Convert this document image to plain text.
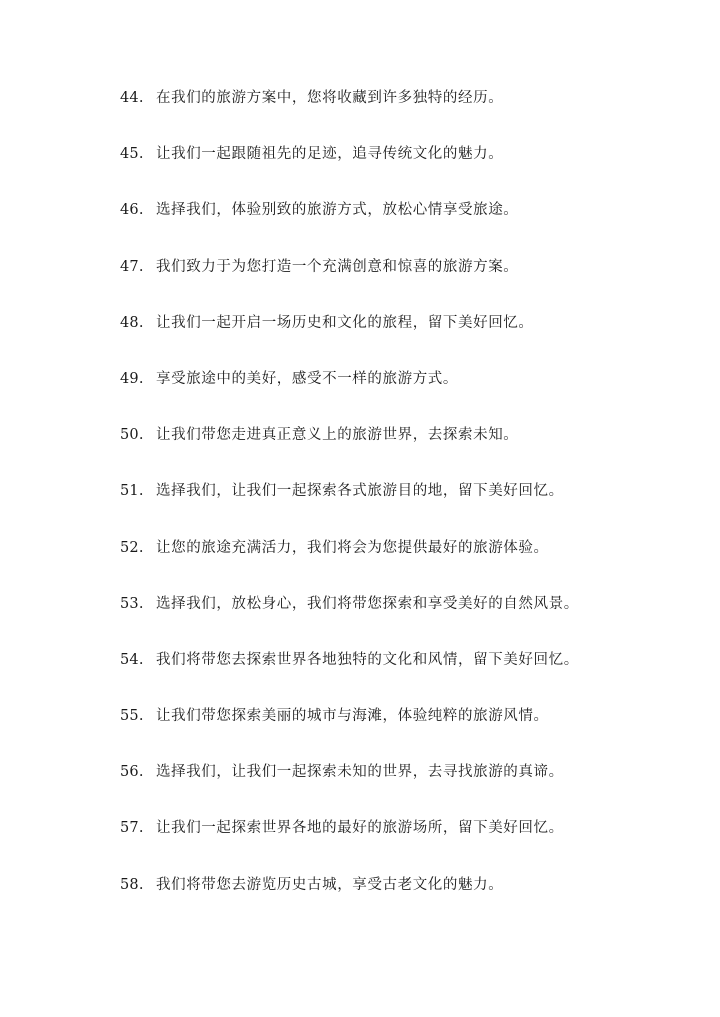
44. 在我们的旅游方案中，您将收藏到许多独特的经历。
45. 让我们一起跟随祖先的足迹，追寻传统文化的魅力。
46. 选择我们，体验别致的旅游方式，放松心情享受旅途。
47. 我们致力于为您打造一个充满创意和惊喜的旅游方案。
48. 让我们一起开启一场历史和文化的旅程，留下美好回忆。
49. 享受旅途中的美好，感受不一样的旅游方式。
50. 让我们带您走进真正意义上的旅游世界，去探索未知。
51. 选择我们，让我们一起探索各式旅游目的地，留下美好回忆。
52. 让您的旅途充满活力，我们将会为您提供最好的旅游体验。
53. 选择我们，放松身心，我们将带您探索和享受美好的自然风景。
54. 我们将带您去探索世界各地独特的文化和风情，留下美好回忆。
55. 让我们带您探索美丽的城市与海滩，体验纯粹的旅游风情。
56. 选择我们，让我们一起探索未知的世界，去寻找旅游的真谛。
57. 让我们一起探索世界各地的最好的旅游场所，留下美好回忆。
58. 我们将带您去游览历史古城，享受古老文化的魅力。
